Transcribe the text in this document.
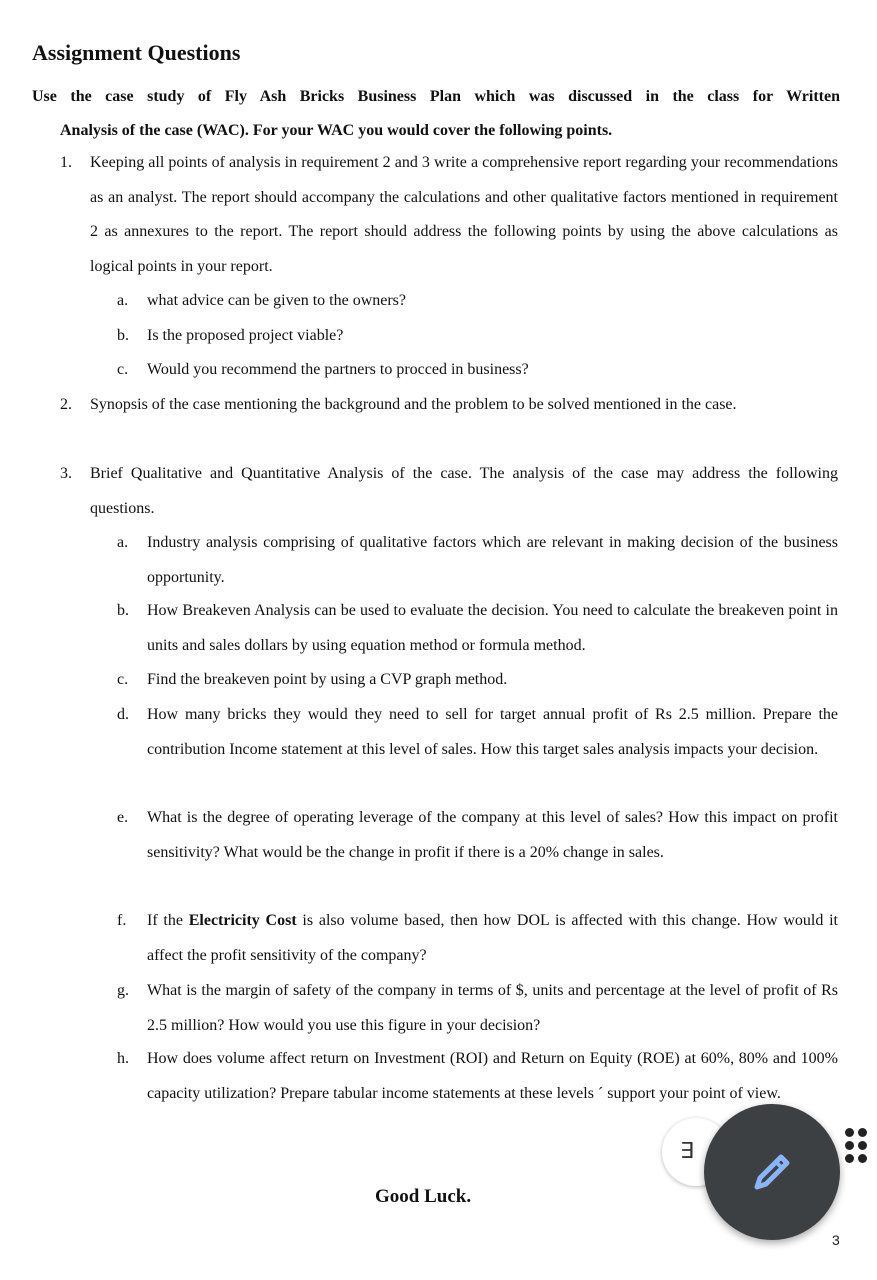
Assignment Questions
Use the case study of Fly Ash Bricks Business Plan which was discussed in the class for Written
Analysis of the case (WAC). For your WAC you would cover the following points.
1. Keeping all points of analysis in requirement 2 and 3 write a comprehensive report regarding your recommendations as an analyst. The report should accompany the calculations and other qualitative factors mentioned in requirement 2 as annexures to the report. The report should address the following points by using the above calculations as logical points in your report.
a. what advice can be given to the owners?
b. Is the proposed project viable?
c. Would you recommend the partners to procced in business?
2. Synopsis of the case mentioning the background and the problem to be solved mentioned in the case.
3. Brief Qualitative and Quantitative Analysis of the case. The analysis of the case may address the following questions.
a. Industry analysis comprising of qualitative factors which are relevant in making decision of the business opportunity.
b. How Breakeven Analysis can be used to evaluate the decision. You need to calculate the breakeven point in units and sales dollars by using equation method or formula method.
c. Find the breakeven point by using a CVP graph method.
d. How many bricks they would they need to sell for target annual profit of Rs 2.5 million. Prepare the contribution Income statement at this level of sales. How this target sales analysis impacts your decision.
e. What is the degree of operating leverage of the company at this level of sales? How this impact on profit sensitivity? What would be the change in profit if there is a 20% change in sales.
f. If the Electricity Cost is also volume based, then how DOL is affected with this change. How would it affect the profit sensitivity of the company?
g. What is the margin of safety of the company in terms of $, units and percentage at the level of profit of Rs 2.5 million? How would you use this figure in your decision?
h. How does volume affect return on Investment (ROI) and Return on Equity (ROE) at 60%, 80% and 100% capacity utilization? Prepare tabular income statements at these levels ´ support your point of view.
Good Luck.
3
∃
